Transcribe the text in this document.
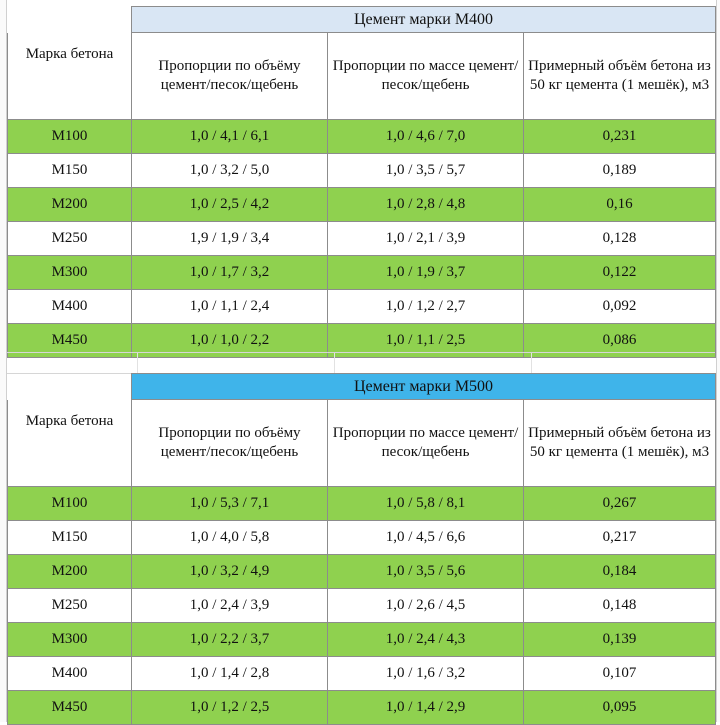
	Цемент марки М400		
Марка бетона	Пропорции по объёму цемент/песок/щебень	Пропорции по массе цемент/песок/щебень	Примерный объём бетона из 50 кг цемента (1 мешёк), м3
М100	1,0 / 4,1 / 6,1	1,0 / 4,6 / 7,0	0,231
М150	1,0 / 3,2 / 5,0	1,0 / 3,5 / 5,7	0,189
М200	1,0 / 2,5 / 4,2	1,0 / 2,8 / 4,8	0,16
М250	1,9 / 1,9 / 3,4	1,0 / 2,1 / 3,9	0,128
М300	1,0 / 1,7 / 3,2	1,0 / 1,9 / 3,7	0,122
М400	1,0 / 1,1 / 2,4	1,0 / 1,2 / 2,7	0,092
М450	1,0 / 1,0 / 2,2	1,0 / 1,1 / 2,5	0,086
	Цемент марки М500		
Марка бетона	Пропорции по объёму цемент/песок/щебень	Пропорции по массе цемент/песок/щебень	Примерный объём бетона из 50 кг цемента (1 мешёк), м3
М100	1,0 / 5,3 / 7,1	1,0 / 5,8 / 8,1	0,267
М150	1,0 / 4,0 / 5,8	1,0 / 4,5 / 6,6	0,217
М200	1,0 / 3,2 / 4,9	1,0 / 3,5 / 5,6	0,184
М250	1,0 / 2,4 / 3,9	1,0 / 2,6 / 4,5	0,148
М300	1,0 / 2,2 / 3,7	1,0 / 2,4 / 4,3	0,139
М400	1,0 / 1,4 / 2,8	1,0 / 1,6 / 3,2	0,107
М450	1,0 / 1,2 / 2,5	1,0 / 1,4 / 2,9	0,095
